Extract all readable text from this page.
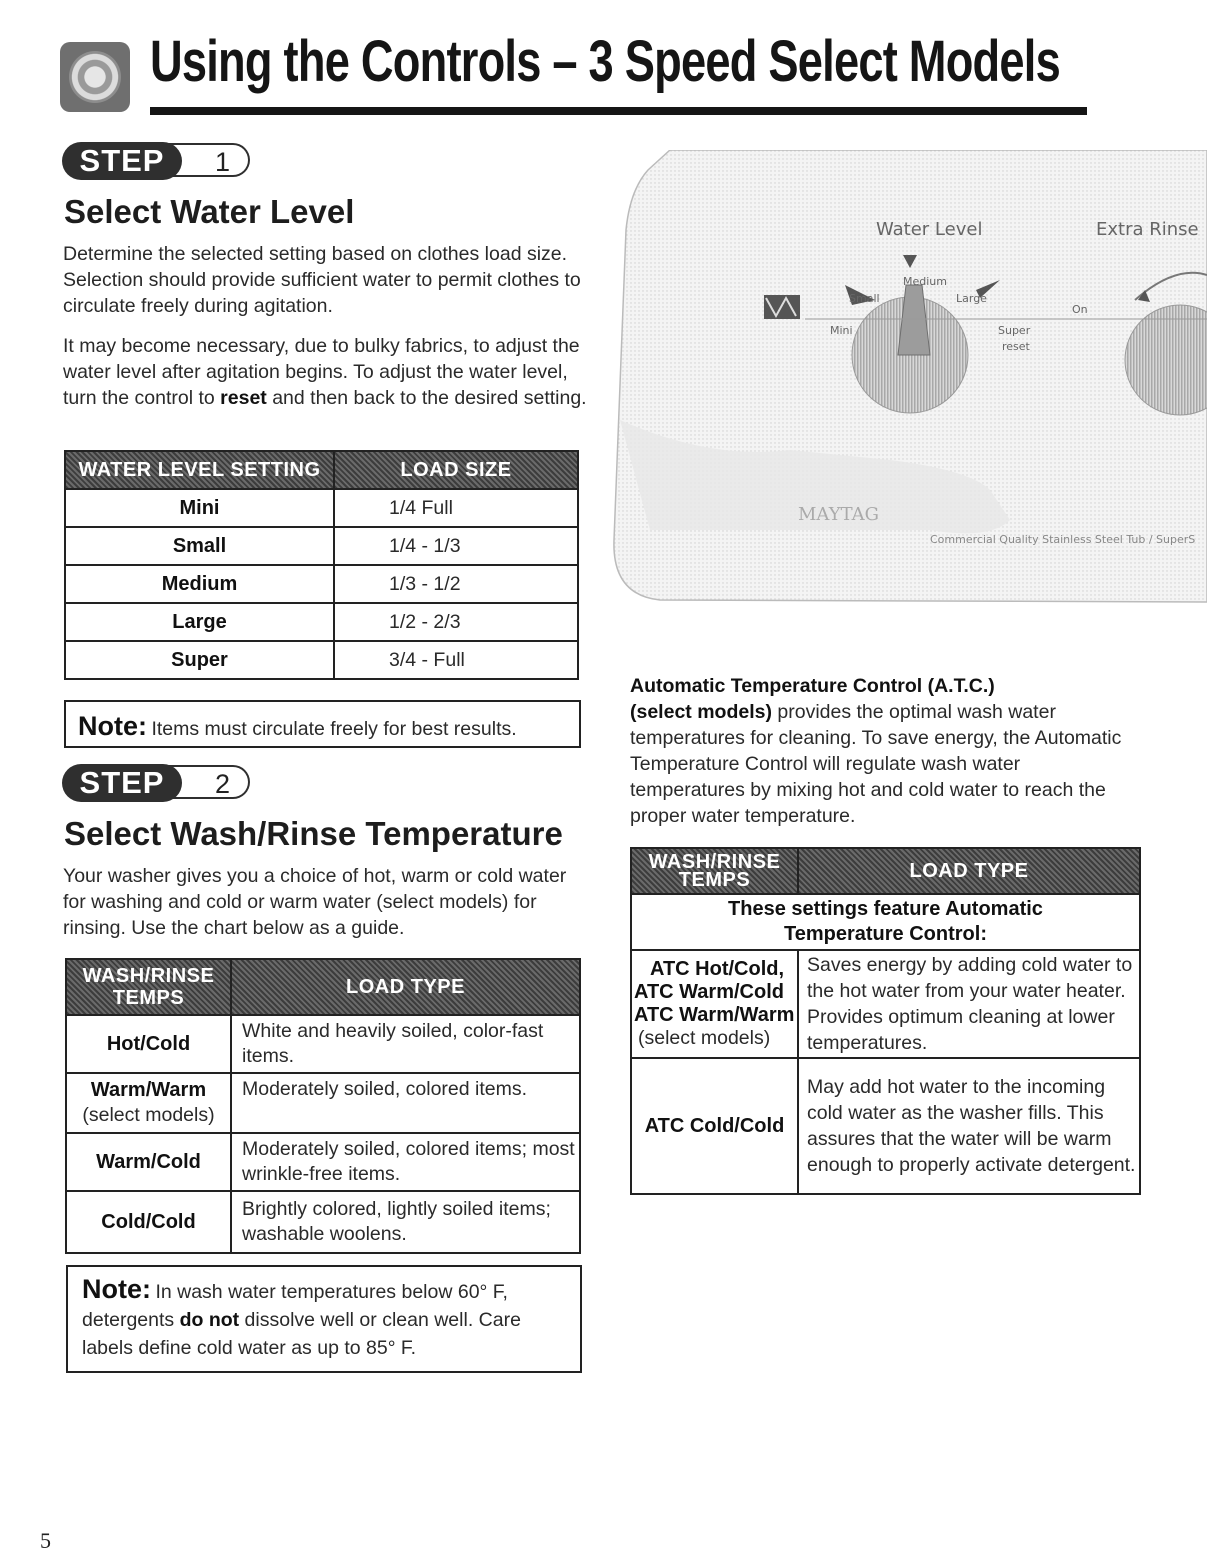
Using the Controls – 3 Speed Select Models
1
STEP
Select Water Level
Determine the selected setting based on clothes load size. Selection should provide sufficient water to permit clothes to circulate freely during agitation.
It may become necessary, due to bulky fabrics, to adjust the water level after agitation begins. To adjust the water level, turn the control to reset and then back to the desired setting.
WATER LEVEL SETTING	LOAD SIZE
Mini	1/4 Full
Small	1/4 - 1/3
Medium	1/3 - 1/2
Large	1/2 - 2/3
Super	3/4 - Full
Note: Items must circulate freely for best results.
2
STEP
Select Wash/Rinse Temperature
Your washer gives you a choice of hot, warm or cold water for washing and cold or warm water (select models) for rinsing. Use the chart below as a guide.
WASH/RINSE TEMPS	LOAD TYPE

Hot/Cold	White and heavily soiled, color-fast items.

Warm/Warm
(select models)	Moderately soiled, colored items.

Warm/Cold	Moderately soiled, colored items; most wrinkle-free items.

Cold/Cold	Brightly colored, lightly soiled items; washable woolens.
Note: In wash water temperatures below 60° F, detergents do not dissolve well or clean well. Care labels define cold water as up to 85° F.
Water Level	Extra Rinse
Medium
Small	Large
Mini	Super
reset
On
MAYTAG
Commercial Quality Stainless Steel Tub / SuperS
Automatic Temperature Control (A.T.C.)
(select models) provides the optimal wash water temperatures for cleaning. To save energy, the Automatic Temperature Control will regulate wash water temperatures by mixing hot and cold water to reach the proper water temperature.
WASH/RINSE TEMPS	LOAD TYPE
These settings feature Automatic Temperature Control:	

ATC Hot/Cold,
ATC Warm/Cold
ATC Warm/Warm
(select models)	Saves energy by adding cold water to the hot water from your water heater. Provides optimum cleaning at lower temperatures.
ATC Cold/Cold	May add hot water to the incoming cold water as the washer fills. This assures that the water will be warm enough to properly activate detergent.
5
